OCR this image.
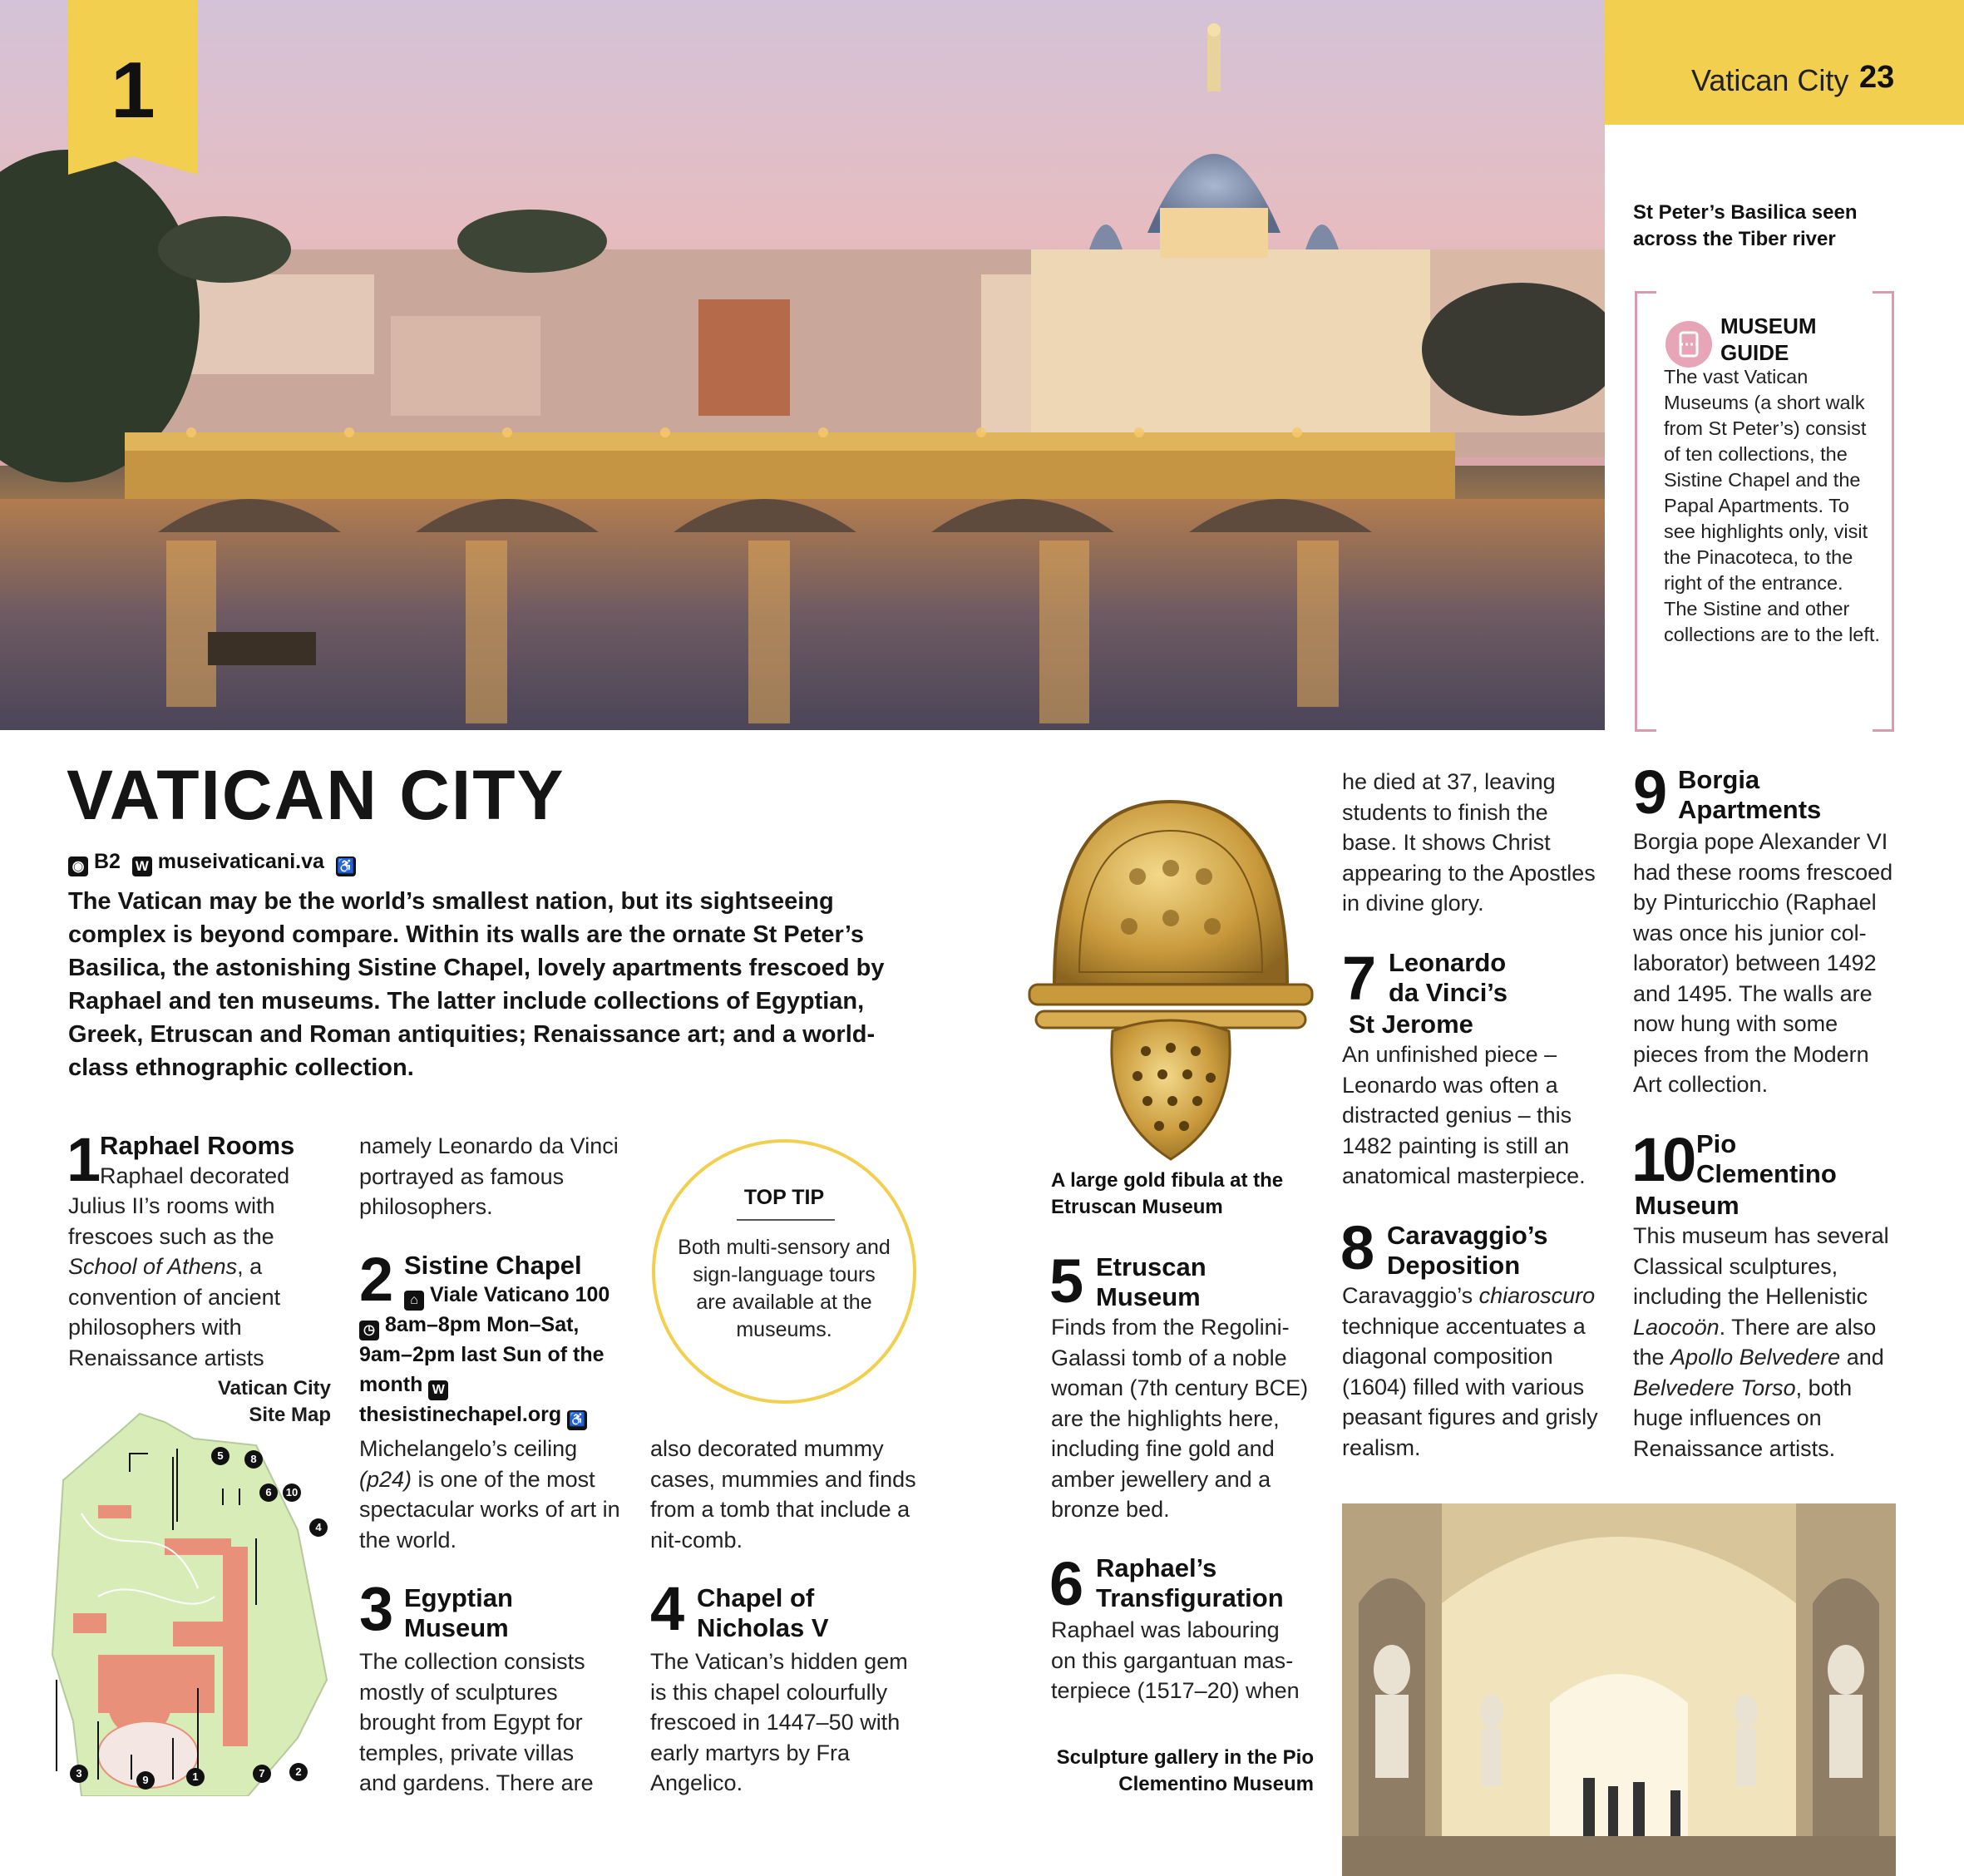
1	Vatican City 23
St Peter’s Basilica seen across the Tiber river
MUSEUM
GUIDE
The vast Vatican Museums (a short walk from St Peter’s) consist of ten collections, the Sistine Chapel and the Papal Apartments. To see highlights only, visit the Pinacoteca, to the right of the entrance. The Sistine and other collections are to the left.
VATICAN CITY
◉ B2 W museivaticani.va ♿
The Vatican may be the world’s smallest nation, but its sightseeing complex is beyond compare. Within its walls are the ornate St Peter’s Basilica, the astonishing Sistine Chapel, lovely apartments frescoed by Raphael and ten museums. The latter include collections of Egyptian, Greek, Etruscan and Roman antiquities; Renaissance art; and a world-class ethnographic collection.
1 Raphael Rooms
Raphael decorated
Julius II’s rooms with frescoes such as the School of Athens, a convention of ancient philosophers with Renaissance artists
Vatican City
Site Map
5	8
6	10
4
3
9	1	7	2
namely Leonardo da Vinci portrayed as famous philosophers.
2 Sistine Chapel
⌂ Viale Vaticano 100 ◷ 8am–8pm Mon–Sat, 9am–2pm last Sun of the month W thesistinechapel.org ♿
Michelangelo’s ceiling (p24) is one of the most spectacular works of art in the world.
3 Egyptian
Museum
The collection consists mostly of sculptures brought from Egypt for temples, private villas and gardens. There are
TOP TIP
Both multi-sensory and sign-language tours are available at the museums.
also decorated mummy cases, mummies and finds from a tomb that include a nit-comb.
4 Chapel of
Nicholas V
The Vatican’s hidden gem is this chapel colourfully frescoed in 1447–50 with early martyrs by Fra Angelico.
A large gold fibula at the Etruscan Museum
5 Etruscan
Museum
Finds from the Regolini-Galassi tomb of a noble woman (7th century BCE) are the highlights here, including fine gold and amber jewellery and a bronze bed.
6 Raphael’s
Transfiguration
Raphael was labouring on this gargantuan masterpiece (1517–20) when
Sculpture gallery in the Pio Clementino Museum
he died at 37, leaving students to finish the base. It shows Christ appearing to the Apostles in divine glory.
7 Leonardo
da Vinci’s
St Jerome
An unfinished piece – Leonardo was often a distracted genius – this 1482 painting is still an anatomical masterpiece.
8 Caravaggio’s
Deposition
Caravaggio’s chiaroscuro technique accentuates a diagonal composition (1604) filled with various peasant figures and grisly realism.
9 Borgia
Apartments
Borgia pope Alexander VI had these rooms frescoed by Pinturicchio (Raphael was once his junior collaborator) between 1492 and 1495. The walls are now hung with some pieces from the Modern Art collection.
10 Pio
Clementino
Museum
This museum has several Classical sculptures, including the Hellenistic Laocoön. There are also the Apollo Belvedere and Belvedere Torso, both huge influences on Renaissance artists.
